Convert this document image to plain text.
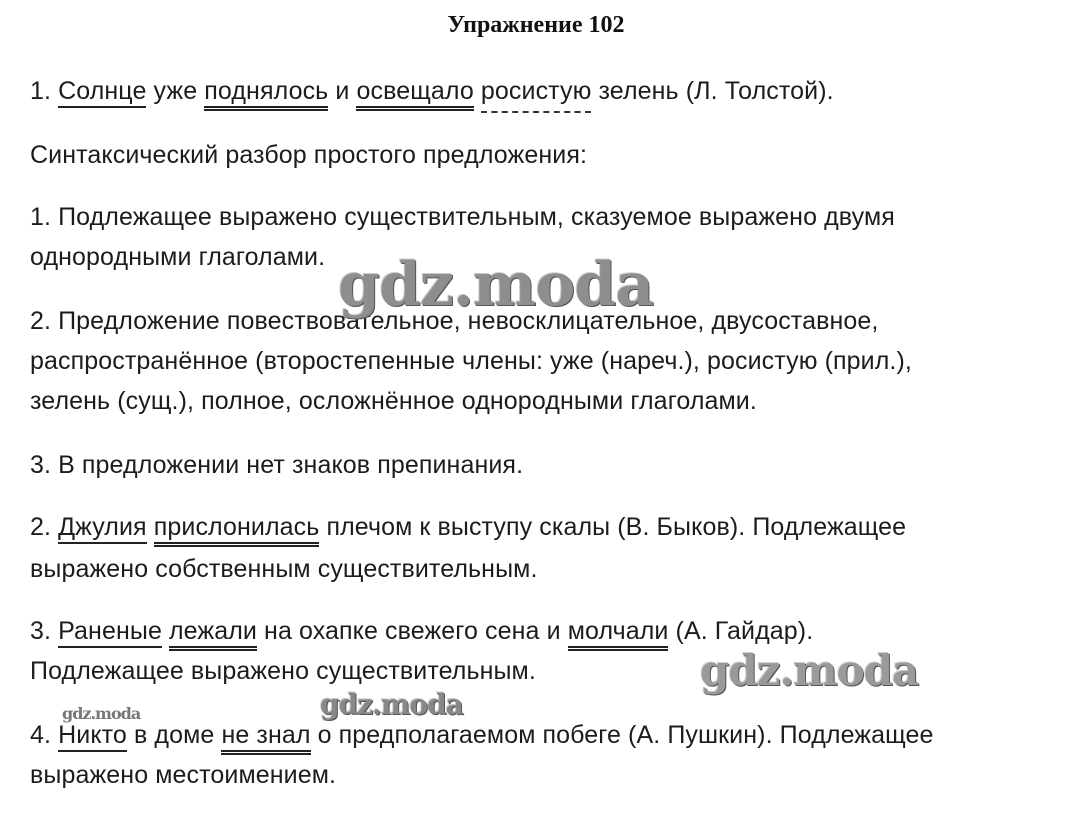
Упражнение 102
1. Солнце уже поднялось и освещало росистую зелень (Л. Толстой).
Синтаксический разбор простого предложения:
1. Подлежащее выражено существительным, сказуемое выражено двумя
однородными глаголами.
2. Предложение повествовательное, невосклицательное, двусоставное,
распространённое (второстепенные члены: уже (нареч.), росистую (прил.),
зелень (сущ.), полное, осложнённое однородными глаголами.
3. В предложении нет знаков препинания.
2. Джулия прислонилась плечом к выступу скалы (В. Быков). Подлежащее
выражено собственным существительным.
3. Раненые лежали на охапке свежего сена и молчали (А. Гайдар).
Подлежащее выражено существительным.
4. Никто в доме не знал о предполагаемом побеге (А. Пушкин). Подлежащее
выражено местоимением.
gdz.moda
gdz.moda
gdz.moda
gdz.moda
